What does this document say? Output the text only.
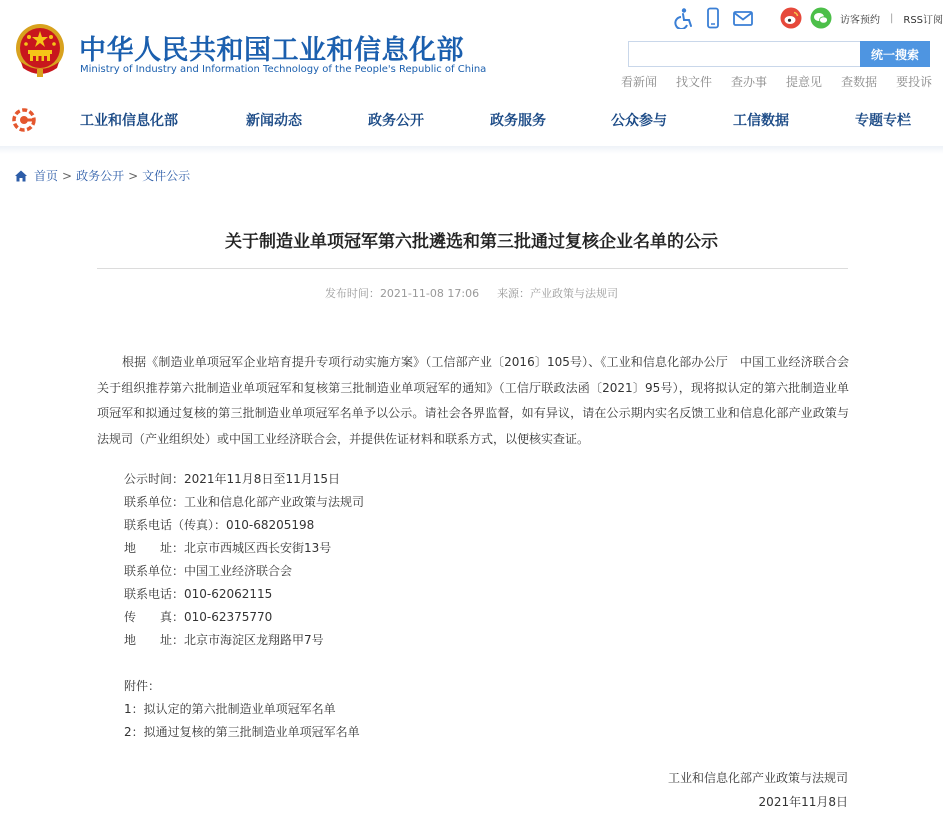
中华人民共和国工业和信息化部
Ministry of Industry and Information Technology of the People's Republic of China
访客预约 | RSS订阅
统一搜索
看新闻 找文件 查办事 提意见 查数据 要投诉
工业和信息化部	新闻动态	政务公开	政务服务	公众参与	工信数据	专题专栏
首页 > 政务公开 > 文件公示
关于制造业单项冠军第六批遴选和第三批通过复核企业名单的公示
发布时间：2021-11-08 17:06 来源：产业政策与法规司
根据《制造业单项冠军企业培育提升专项行动实施方案》（工信部产业〔2016〕105号）、《工业和信息化部办公厅　中国工业经济联合会关于组织推荐第六批制造业单项冠军和复核第三批制造业单项冠军的通知》（工信厅联政法函〔2021〕95号），现将拟认定的第六批制造业单项冠军和拟通过复核的第三批制造业单项冠军名单予以公示。请社会各界监督，如有异议，请在公示期内实名反馈工业和信息化部产业政策与法规司（产业组织处）或中国工业经济联合会，并提供佐证材料和联系方式，以便核实查证。
公示时间：2021年11月8日至11月15日
联系单位：工业和信息化部产业政策与法规司
联系电话（传真）：010-68205198
地　　址：北京市西城区西长安街13号
联系单位：中国工业经济联合会
联系电话：010-62062115
传　　真：010-62375770
地　　址：北京市海淀区龙翔路甲7号
附件：
1：拟认定的第六批制造业单项冠军名单
2：拟通过复核的第三批制造业单项冠军名单
工业和信息化部产业政策与法规司
2021年11月8日
